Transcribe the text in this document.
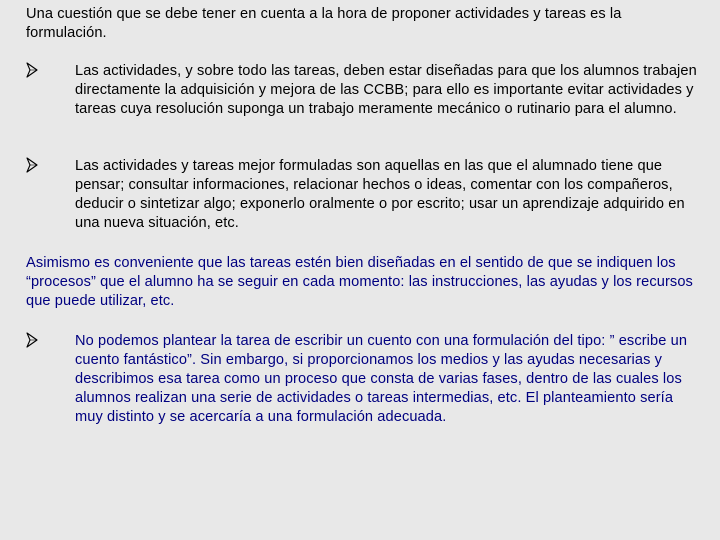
Una cuestión que se debe tener en cuenta a la hora de proponer actividades y tareas es la formulación.

Las actividades, y sobre todo las tareas, deben estar diseñadas para que los alumnos trabajen directamente la adquisición y mejora de las CCBB; para ello es importante evitar actividades y tareas cuya resolución suponga un trabajo meramente mecánico o rutinario para el alumno.
Las actividades y tareas mejor formuladas son aquellas en las que el alumnado tiene que pensar; consultar informaciones, relacionar hechos o ideas, comentar con los compañeros, deducir o sintetizar algo; exponerlo oralmente o por escrito; usar un aprendizaje adquirido en una nueva situación, etc.

Asimismo es conveniente que las tareas estén bien diseñadas en el sentido de que se indiquen los “procesos” que el alumno ha se seguir en cada momento: las instrucciones, las ayudas y los recursos que puede utilizar, etc.

No podemos plantear la tarea de escribir un cuento con una formulación del tipo: ” escribe un cuento fantástico”. Sin embargo, si proporcionamos los medios y las ayudas necesarias y describimos esa tarea como un proceso que consta de varias fases, dentro de las cuales los alumnos realizan una serie de actividades o tareas intermedias, etc. El planteamiento sería muy distinto y se acercaría a una formulación adecuada.
